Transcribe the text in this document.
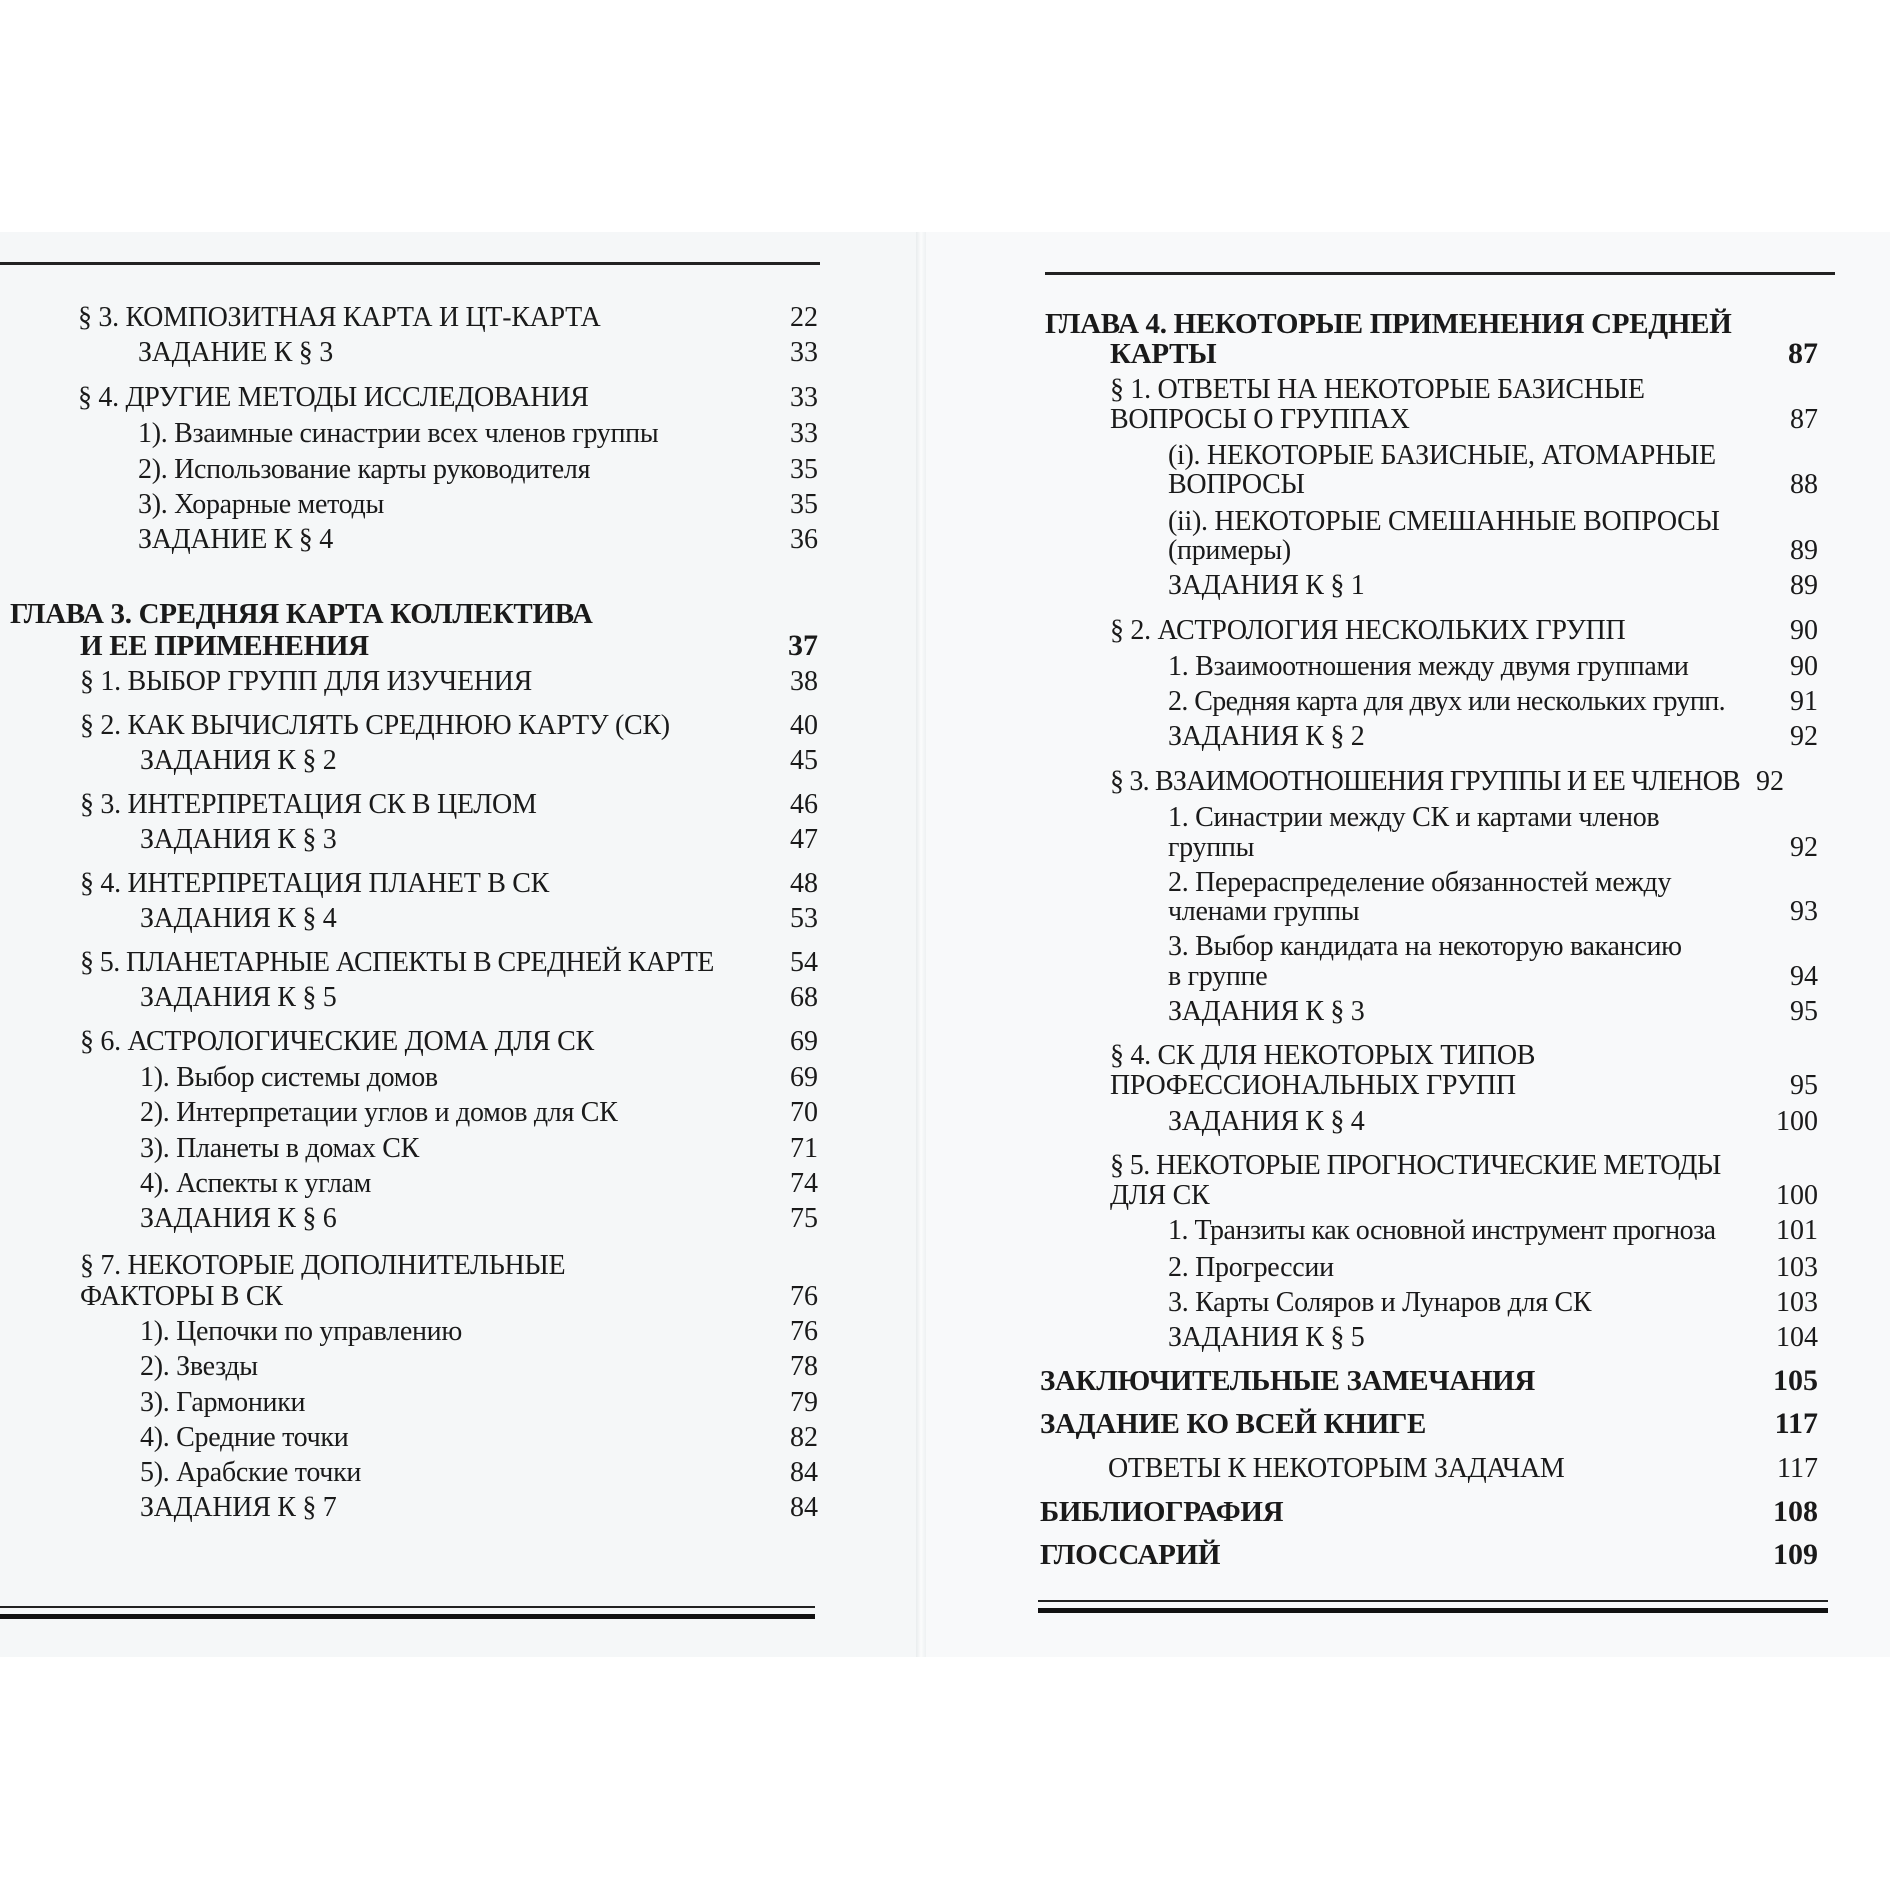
§ 3. КОМПОЗИТНАЯ КАРТА И ЦТ-КАРТА	22
ЗАДАНИЕ К § 3	33
§ 4. ДРУГИЕ МЕТОДЫ ИССЛЕДОВАНИЯ	33
1). Взаимные синастрии всех членов группы	33
2). Использование карты руководителя	35
3). Хорарные методы	35
ЗАДАНИЕ К § 4	36
ГЛАВА 3. СРЕДНЯЯ КАРТА КОЛЛЕКТИВА
И ЕЕ ПРИМЕНЕНИЯ	37
§ 1. ВЫБОР ГРУПП ДЛЯ ИЗУЧЕНИЯ	38
§ 2. КАК ВЫЧИСЛЯТЬ СРЕДНЮЮ КАРТУ (СК)	40
ЗАДАНИЯ К § 2	45
§ 3. ИНТЕРПРЕТАЦИЯ СК В ЦЕЛОМ	46
ЗАДАНИЯ К § 3	47
§ 4. ИНТЕРПРЕТАЦИЯ ПЛАНЕТ В СК	48
ЗАДАНИЯ К § 4	53
§ 5. ПЛАНЕТАРНЫЕ АСПЕКТЫ В СРЕДНЕЙ КАРТЕ	54
ЗАДАНИЯ К § 5	68
§ 6. АСТРОЛОГИЧЕСКИЕ ДОМА ДЛЯ СК	69
1). Выбор системы домов	69
2). Интерпретации углов и домов для СК	70
3). Планеты в домах СК	71
4). Аспекты к углам	74
ЗАДАНИЯ К § 6	75
§ 7. НЕКОТОРЫЕ ДОПОЛНИТЕЛЬНЫЕ
ФАКТОРЫ В СК	76
1). Цепочки по управлению	76
2). Звезды	78
3). Гармоники	79
4). Средние точки	82
5). Арабские точки	84
ЗАДАНИЯ К § 7	84
ГЛАВА 4. НЕКОТОРЫЕ ПРИМЕНЕНИЯ СРЕДНЕЙ
КАРТЫ	87
§ 1. ОТВЕТЫ НА НЕКОТОРЫЕ БАЗИСНЫЕ
ВОПРОСЫ О ГРУППАХ	87
(i). НЕКОТОРЫЕ БАЗИСНЫЕ, АТОМАРНЫЕ
ВОПРОСЫ	88
(ii). НЕКОТОРЫЕ СМЕШАННЫЕ ВОПРОСЫ
(примеры)	89
ЗАДАНИЯ К § 1	89
§ 2. АСТРОЛОГИЯ НЕСКОЛЬКИХ ГРУПП	90
1. Взаимоотношения между двумя группами	90
2. Средняя карта для двух или нескольких групп.	91
ЗАДАНИЯ К § 2	92
§ 3. ВЗАИМООТНОШЕНИЯ ГРУППЫ И ЕЕ ЧЛЕНОВ 92
1. Синастрии между СК и картами членов
группы	92
2. Перераспределение обязанностей между
членами группы	93
3. Выбор кандидата на некоторую вакансию
в группе	94
ЗАДАНИЯ К § 3	95
§ 4. СК ДЛЯ НЕКОТОРЫХ ТИПОВ
ПРОФЕССИОНАЛЬНЫХ ГРУПП	95
ЗАДАНИЯ К § 4	100
§ 5. НЕКОТОРЫЕ ПРОГНОСТИЧЕСКИЕ МЕТОДЫ
ДЛЯ СК	100
1. Транзиты как основной инструмент прогноза	101
2. Прогрессии	103
3. Карты Соляров и Лунаров для СК	103
ЗАДАНИЯ К § 5	104
ЗАКЛЮЧИТЕЛЬНЫЕ ЗАМЕЧАНИЯ	105
ЗАДАНИЕ КО ВСЕЙ КНИГЕ	117
ОТВЕТЫ К НЕКОТОРЫМ ЗАДАЧАМ	117
БИБЛИОГРАФИЯ	108
ГЛОССАРИЙ	109
